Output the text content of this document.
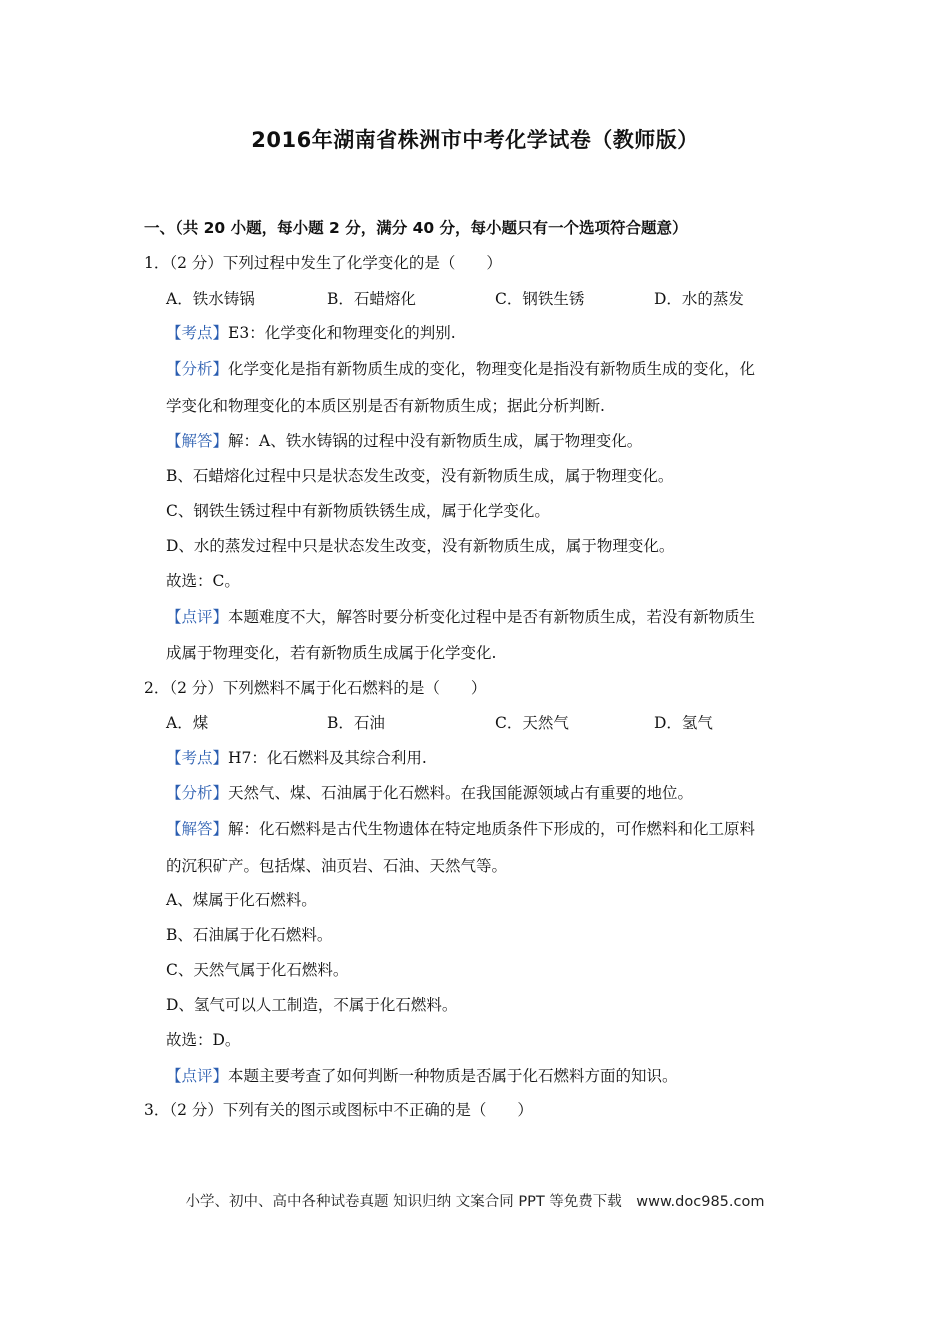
2016年湖南省株洲市中考化学试卷（教师版）
一、（共 20 小题，每小题 2 分，满分 40 分，每小题只有一个选项符合题意）
1．（2 分）下列过程中发生了化学变化的是（　　）
A．铁水铸锅	B．石蜡熔化	C．钢铁生锈	D．水的蒸发
【考点】E3：化学变化和物理变化的判别.
【分析】化学变化是指有新物质生成的变化，物理变化是指没有新物质生成的变化，化
学变化和物理变化的本质区别是否有新物质生成；据此分析判断.
【解答】解：A、铁水铸锅的过程中没有新物质生成，属于物理变化。
B、石蜡熔化过程中只是状态发生改变，没有新物质生成，属于物理变化。
C、钢铁生锈过程中有新物质铁锈生成，属于化学变化。
D、水的蒸发过程中只是状态发生改变，没有新物质生成，属于物理变化。
故选：C。
【点评】本题难度不大，解答时要分析变化过程中是否有新物质生成，若没有新物质生
成属于物理变化，若有新物质生成属于化学变化.
2．（2 分）下列燃料不属于化石燃料的是（　　）
A．煤	B．石油	C．天然气	D．氢气
【考点】H7：化石燃料及其综合利用.
【分析】天然气、煤、石油属于化石燃料。在我国能源领域占有重要的地位。
【解答】解：化石燃料是古代生物遗体在特定地质条件下形成的，可作燃料和化工原料
的沉积矿产。包括煤、油页岩、石油、天然气等。
A、煤属于化石燃料。
B、石油属于化石燃料。
C、天然气属于化石燃料。
D、氢气可以人工制造，不属于化石燃料。
故选：D。
【点评】本题主要考查了如何判断一种物质是否属于化石燃料方面的知识。
3．（2 分）下列有关的图示或图标中不正确的是（　　）
小学、初中、高中各种试卷真题 知识归纳 文案合同 PPT 等免费下载　www.doc985.com
